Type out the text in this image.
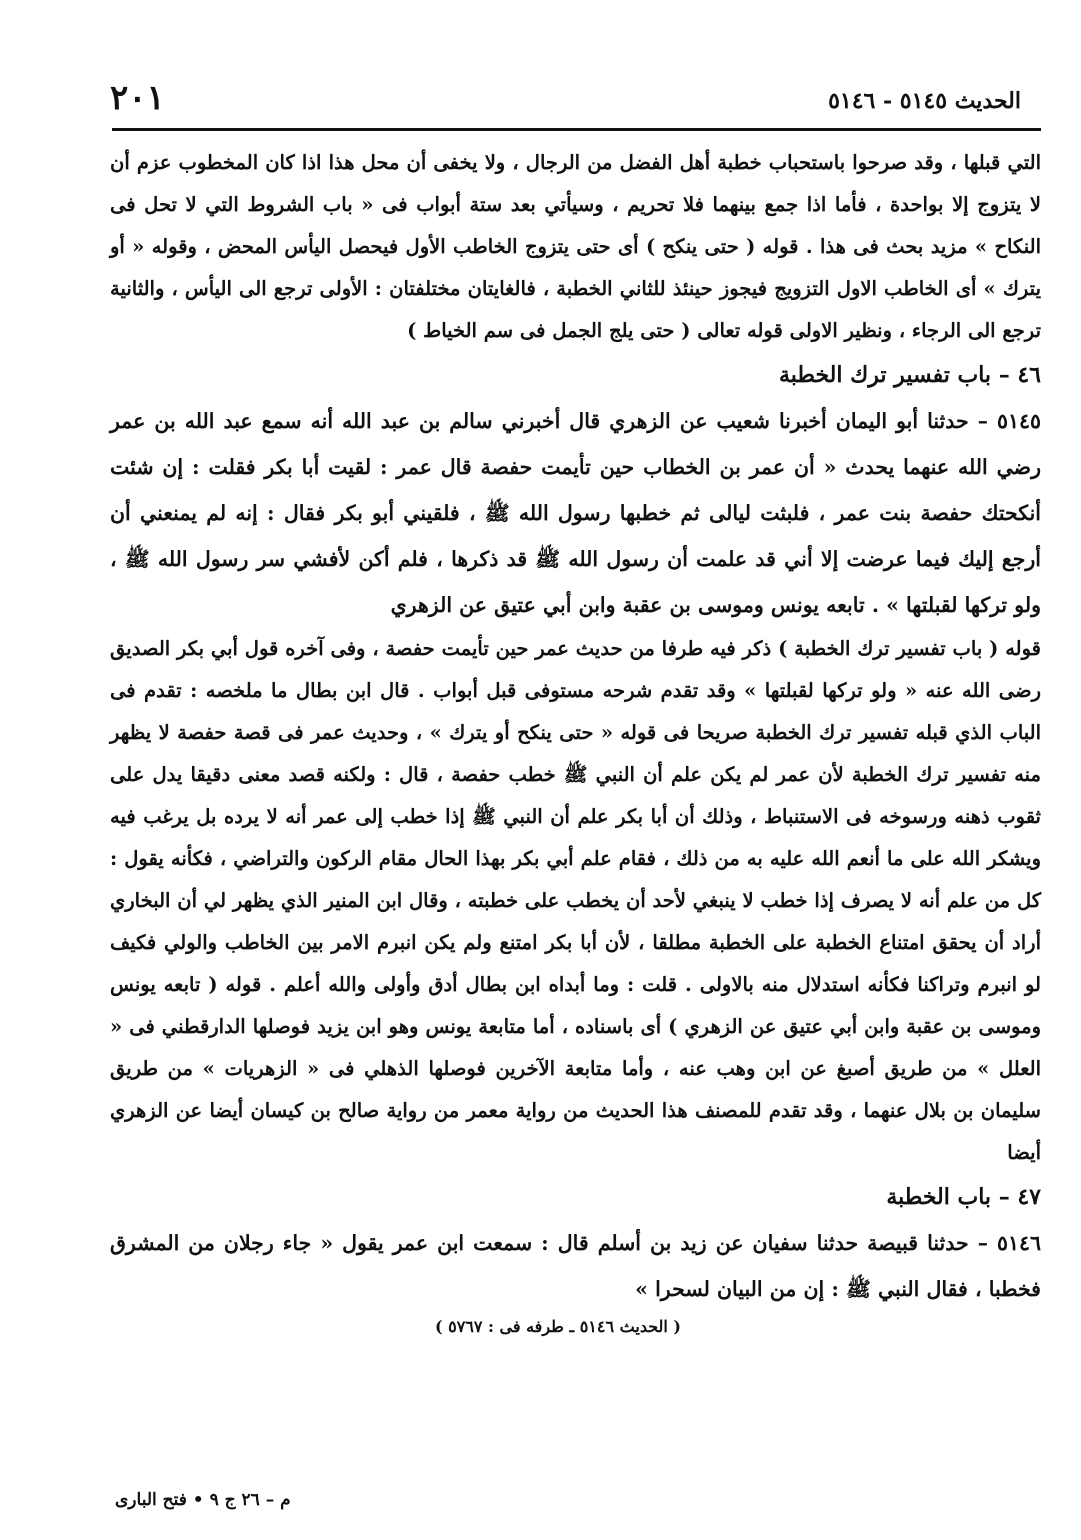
٢٠١	الحديث ٥١٤٥ - ٥١٤٦

التي قبلها ، وقد صرحوا باستحباب خطبة أهل الفضل من الرجال ، ولا يخفى أن محل هذا اذا كان المخطوب عزم أن لا يتزوج إلا بواحدة ، فأما اذا جمع بينهما فلا تحريم ، وسيأتي بعد ستة أبواب فى « باب الشروط التي لا تحل فى النكاح » مزيد بحث فى هذا . قوله ( حتى ينكح ) أى حتى يتزوج الخاطب الأول فيحصل اليأس المحض ، وقوله « أو يترك » أى الخاطب الاول التزويج فيجوز حينئذ للثاني الخطبة ، فالغايتان مختلفتان : الأولى ترجع الى اليأس ، والثانية ترجع الى الرجاء ، ونظير الاولى قوله تعالى ( حتى يلج الجمل فى سم الخياط )

٤٦ – باب تفسير ترك الخطبة

٥١٤٥ – حدثنا أبو اليمان أخبرنا شعيب عن الزهري قال أخبرني سالم بن عبد الله أنه سمع عبد الله بن عمر رضي الله عنهما يحدث « أن عمر بن الخطاب حين تأيمت حفصة قال عمر : لقيت أبا بكر فقلت : إن شئت أنكحتك حفصة بنت عمر ، فلبثت ليالى ثم خطبها رسول الله ﷺ ، فلقيني أبو بكر فقال : إنه لم يمنعني أن أرجع إليك فيما عرضت إلا أني قد علمت أن رسول الله ﷺ قد ذكرها ، فلم أكن لأفشي سر رسول الله ﷺ ، ولو تركها لقبلتها » . تابعه يونس وموسى بن عقبة وابن أبي عتيق عن الزهري

قوله ( باب تفسير ترك الخطبة ) ذكر فيه طرفا من حديث عمر حين تأيمت حفصة ، وفى آخره قول أبي بكر الصديق رضى الله عنه « ولو تركها لقبلتها » وقد تقدم شرحه مستوفى قبل أبواب . قال ابن بطال ما ملخصه : تقدم فى الباب الذي قبله تفسير ترك الخطبة صريحا فى قوله « حتى ينكح أو يترك » ، وحديث عمر فى قصة حفصة لا يظهر منه تفسير ترك الخطبة لأن عمر لم يكن علم أن النبي ﷺ خطب حفصة ، قال : ولكنه قصد معنى دقيقا يدل على ثقوب ذهنه ورسوخه فى الاستنباط ، وذلك أن أبا بكر علم أن النبي ﷺ إذا خطب إلى عمر أنه لا يرده بل يرغب فيه ويشكر الله على ما أنعم الله عليه به من ذلك ، فقام علم أبي بكر بهذا الحال مقام الركون والتراضي ، فكأنه يقول : كل من علم أنه لا يصرف إذا خطب لا ينبغي لأحد أن يخطب على خطبته ، وقال ابن المنير الذي يظهر لي أن البخاري أراد أن يحقق امتناع الخطبة على الخطبة مطلقا ، لأن أبا بكر امتنع ولم يكن انبرم الامر بين الخاطب والولي فكيف لو انبرم وتراكنا فكأنه استدلال منه بالاولى . قلت : وما أبداه ابن بطال أدق وأولى والله أعلم . قوله ( تابعه يونس وموسى بن عقبة وابن أبي عتيق عن الزهري ) أى باسناده ، أما متابعة يونس وهو ابن يزيد فوصلها الدارقطني فى « العلل » من طريق أصبغ عن ابن وهب عنه ، وأما متابعة الآخرين فوصلها الذهلي فى « الزهريات » من طريق سليمان بن بلال عنهما ، وقد تقدم للمصنف هذا الحديث من رواية معمر من رواية صالح بن كيسان أيضا عن الزهري أيضا

٤٧ – باب الخطبة

٥١٤٦ – حدثنا قبيصة حدثنا سفيان عن زيد بن أسلم قال : سمعت ابن عمر يقول « جاء رجلان من المشرق فخطبا ، فقال النبي ﷺ : إن من البيان لسحرا »

( الحديث ٥١٤٦ ـ طرفه فى : ٥٧٦٧ )

م – ٢٦ ج ٩ • فتح البارى
